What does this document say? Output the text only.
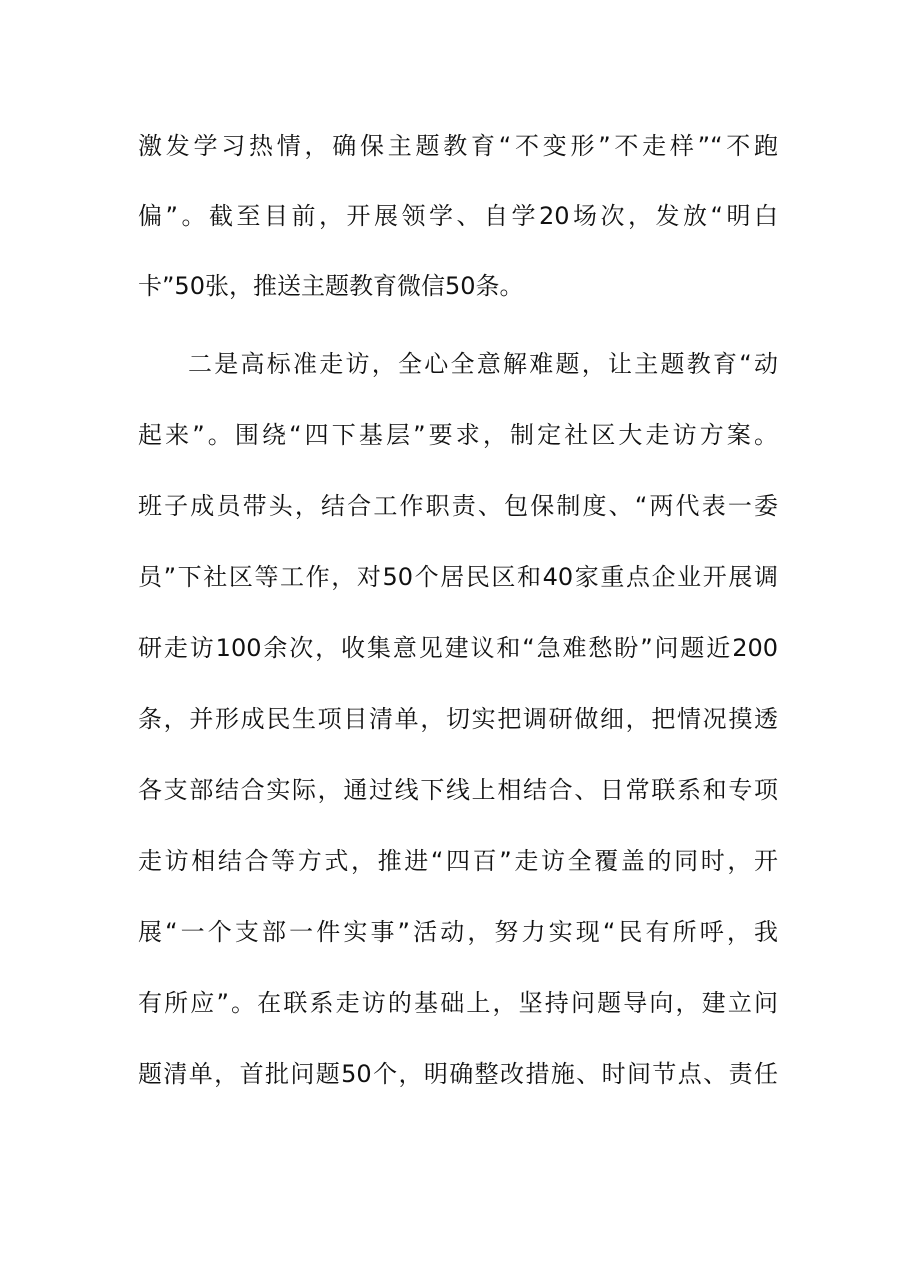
激发学习热情，确保主题教育“不变形”不走样”“不跑
偏”。截至目前，开展领学、自学20场次，发放“明白
卡”50张，推送主题教育微信50条。
二是高标准走访，全心全意解难题，让主题教育“动
起来”。围绕“四下基层”要求，制定社区大走访方案。
班子成员带头，结合工作职责、包保制度、“两代表一委
员”下社区等工作，对50个居民区和40家重点企业开展调
研走访100余次，收集意见建议和“急难愁盼”问题近200
条，并形成民生项目清单，切实把调研做细，把情况摸透
各支部结合实际，通过线下线上相结合、日常联系和专项
走访相结合等方式，推进“四百”走访全覆盖的同时，开
展“一个支部一件实事”活动，努力实现“民有所呼，我
有所应”。在联系走访的基础上，坚持问题导向，建立问
题清单，首批问题50个，明确整改措施、时间节点、责任
